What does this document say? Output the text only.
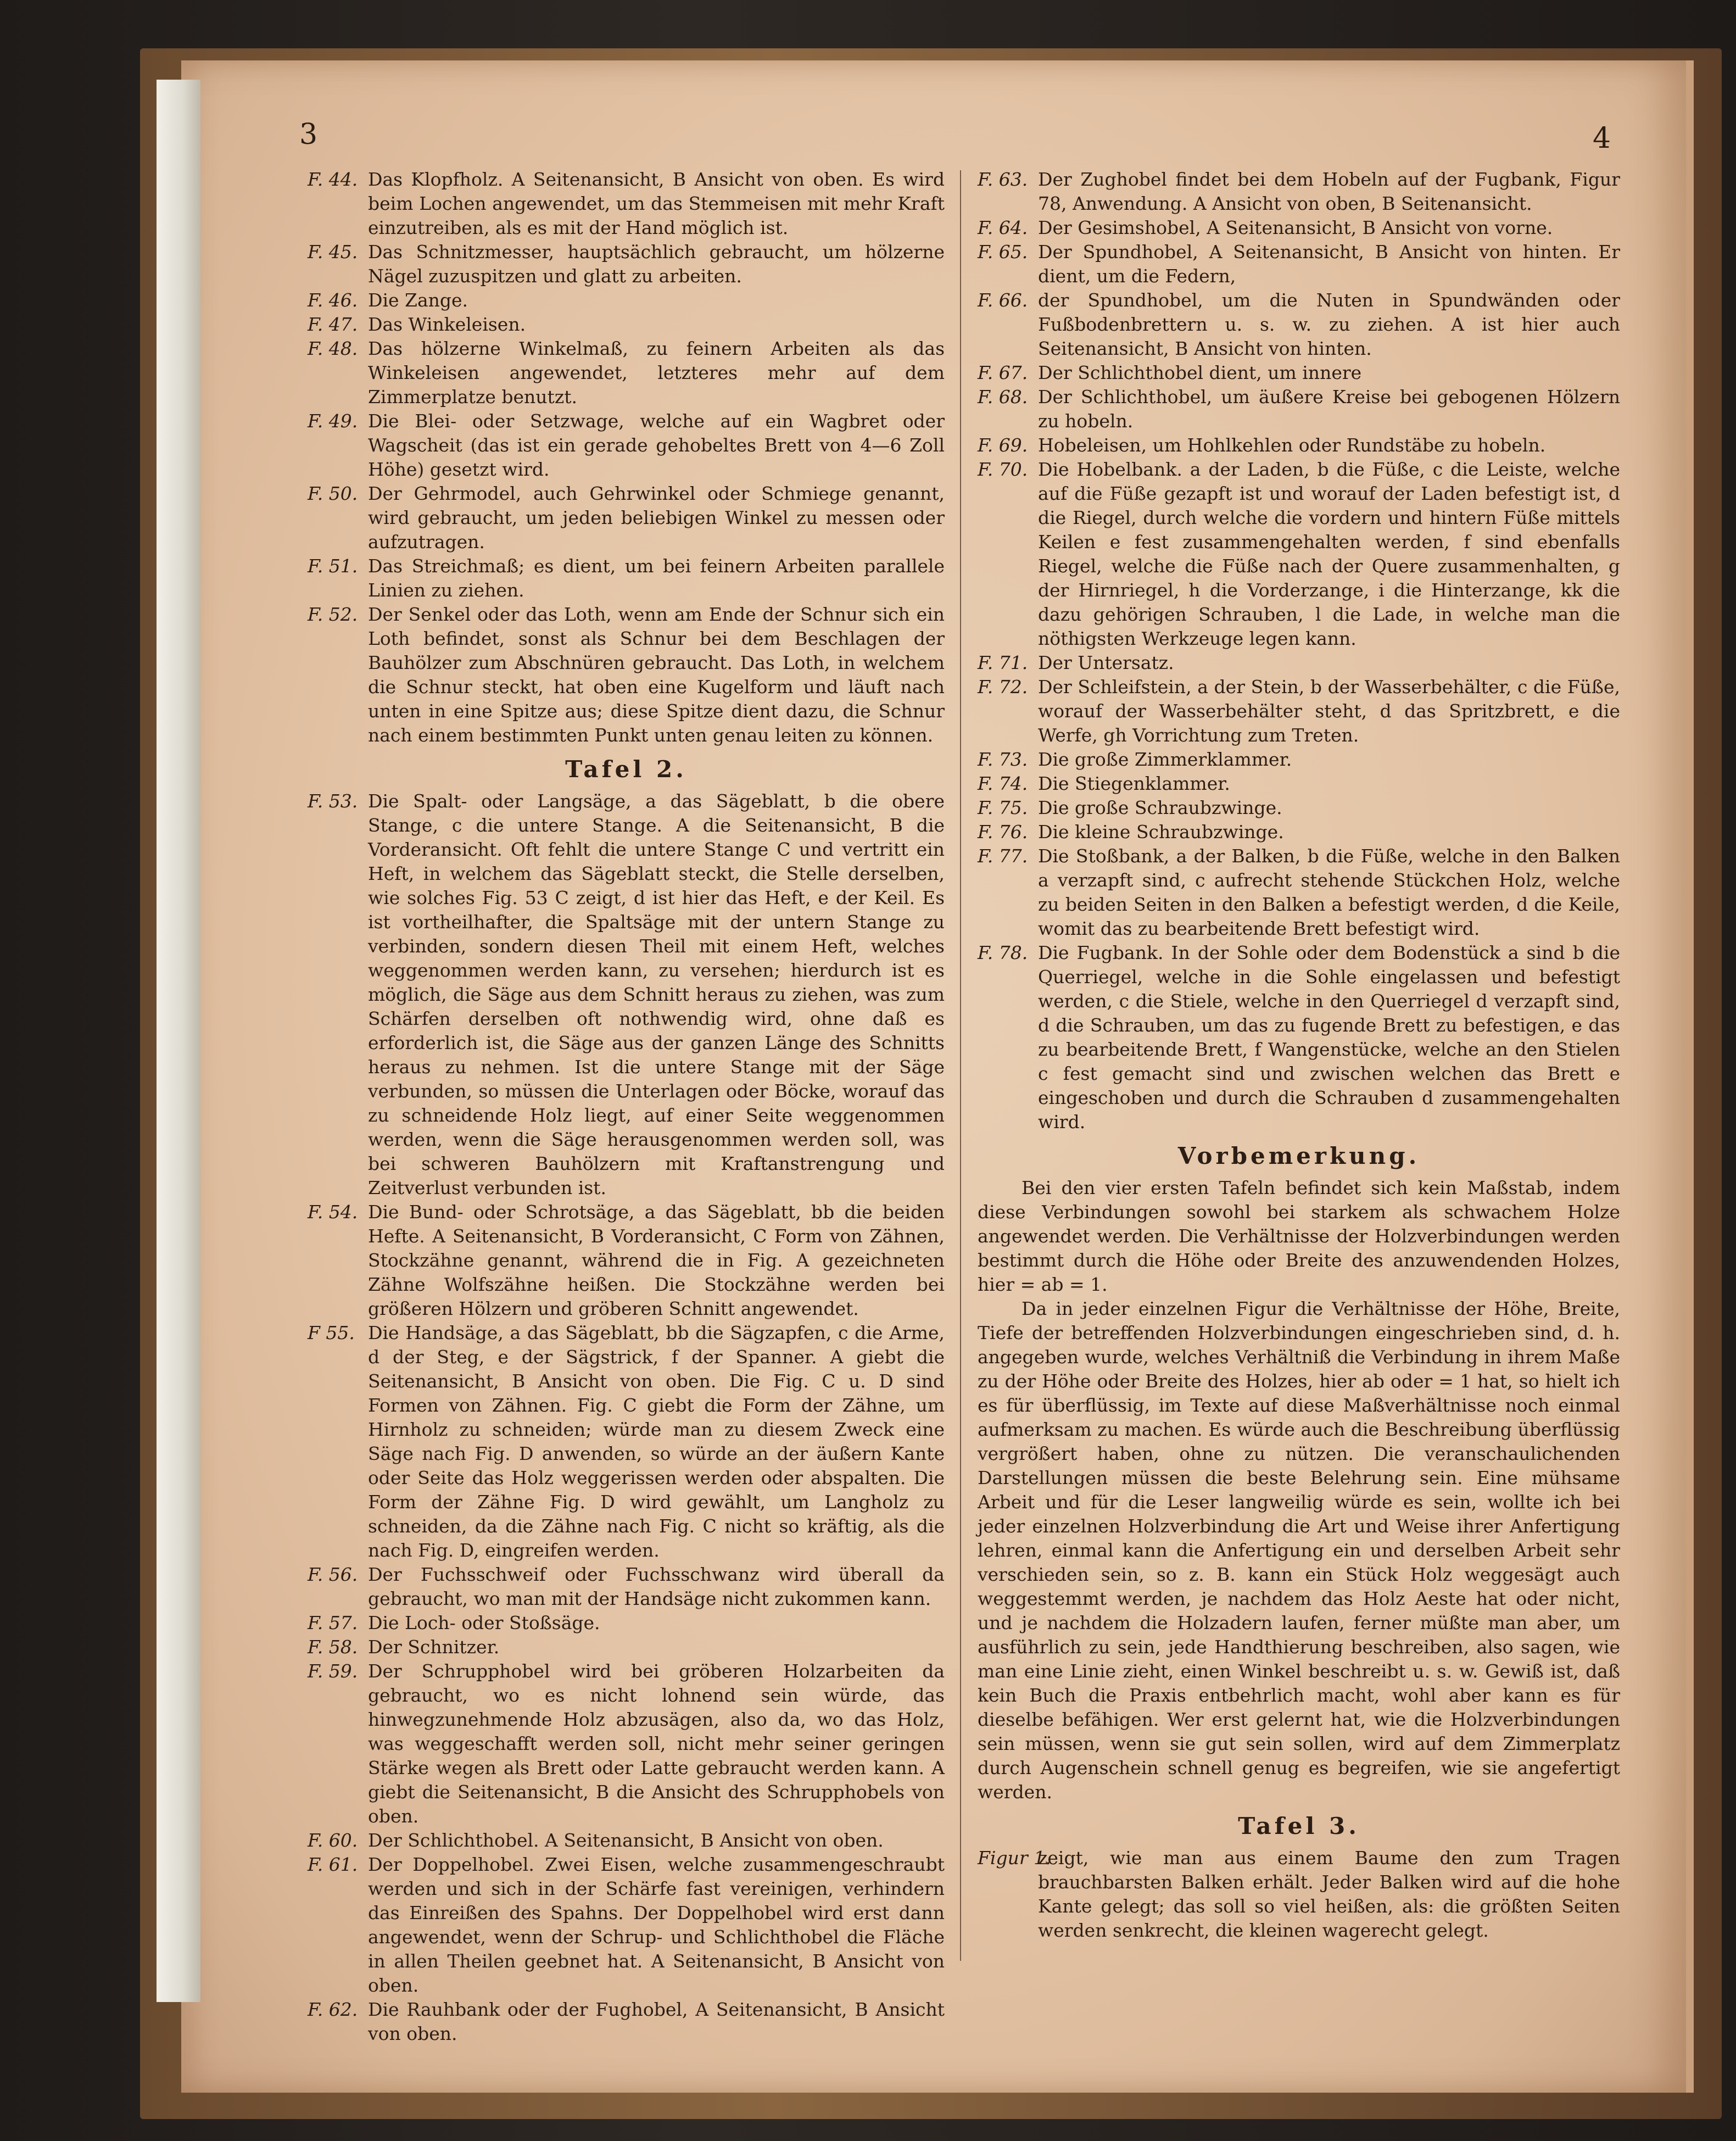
3	4

F. 44. Das Klopfholz. A Seitenansicht, B Ansicht von oben. Es wird beim Lochen angewendet, um das Stemmeisen mit mehr Kraft einzutreiben, als es mit der Hand möglich ist.

F. 45. Das Schnitzmesser, hauptsächlich gebraucht, um hölzerne Nägel zuzuspitzen und glatt zu arbeiten.

F. 46. Die Zange.

F. 47. Das Winkeleisen.

F. 48. Das hölzerne Winkelmaß, zu feinern Arbeiten als das Winkeleisen angewendet, letzteres mehr auf dem Zimmerplatze benutzt.

F. 49. Die Blei- oder Setzwage, welche auf ein Wagbret oder Wagscheit (das ist ein gerade gehobeltes Brett von 4—6 Zoll Höhe) gesetzt wird.

F. 50. Der Gehrmodel, auch Gehrwinkel oder Schmiege genannt, wird gebraucht, um jeden beliebigen Winkel zu messen oder aufzutragen.

F. 51. Das Streichmaß; es dient, um bei feinern Arbeiten parallele Linien zu ziehen.

F. 52. Der Senkel oder das Loth, wenn am Ende der Schnur sich ein Loth befindet, sonst als Schnur bei dem Beschlagen der Bauhölzer zum Abschnüren gebraucht. Das Loth, in welchem die Schnur steckt, hat oben eine Kugelform und läuft nach unten in eine Spitze aus; diese Spitze dient dazu, die Schnur nach einem bestimmten Punkt unten genau leiten zu können.

Tafel 2.

F. 53. Die Spalt- oder Langsäge, a das Sägeblatt, b die obere Stange, c die untere Stange. A die Seitenansicht, B die Vorderansicht. Oft fehlt die untere Stange C und vertritt ein Heft, in welchem das Sägeblatt steckt, die Stelle derselben, wie solches Fig. 53 C zeigt, d ist hier das Heft, e der Keil. Es ist vortheilhafter, die Spaltsäge mit der untern Stange zu verbinden, sondern diesen Theil mit einem Heft, welches weggenommen werden kann, zu versehen; hierdurch ist es möglich, die Säge aus dem Schnitt heraus zu ziehen, was zum Schärfen derselben oft nothwendig wird, ohne daß es erforderlich ist, die Säge aus der ganzen Länge des Schnitts heraus zu nehmen. Ist die untere Stange mit der Säge verbunden, so müssen die Unterlagen oder Böcke, worauf das zu schneidende Holz liegt, auf einer Seite weggenommen werden, wenn die Säge herausgenommen werden soll, was bei schweren Bauhölzern mit Kraftanstrengung und Zeitverlust verbunden ist.

F. 54. Die Bund- oder Schrotsäge, a das Sägeblatt, bb die beiden Hefte. A Seitenansicht, B Vorderansicht, C Form von Zähnen, Stockzähne genannt, während die in Fig. A gezeichneten Zähne Wolfszähne heißen. Die Stockzähne werden bei größeren Hölzern und gröberen Schnitt angewendet.

F 55. Die Handsäge, a das Sägeblatt, bb die Sägzapfen, c die Arme, d der Steg, e der Sägstrick, f der Spanner. A giebt die Seitenansicht, B Ansicht von oben. Die Fig. C u. D sind Formen von Zähnen. Fig. C giebt die Form der Zähne, um Hirnholz zu schneiden; würde man zu diesem Zweck eine Säge nach Fig. D anwenden, so würde an der äußern Kante oder Seite das Holz weggerissen werden oder abspalten. Die Form der Zähne Fig. D wird gewählt, um Langholz zu schneiden, da die Zähne nach Fig. C nicht so kräftig, als die nach Fig. D, eingreifen werden.

F. 56. Der Fuchsschweif oder Fuchsschwanz wird überall da gebraucht, wo man mit der Handsäge nicht zukommen kann.

F. 57. Die Loch- oder Stoßsäge.

F. 58. Der Schnitzer.

F. 59. Der Schrupphobel wird bei gröberen Holzarbeiten da gebraucht, wo es nicht lohnend sein würde, das hinwegzunehmende Holz abzusägen, also da, wo das Holz, was weggeschafft werden soll, nicht mehr seiner geringen Stärke wegen als Brett oder Latte gebraucht werden kann. A giebt die Seitenansicht, B die Ansicht des Schrupphobels von oben.

F. 60. Der Schlichthobel. A Seitenansicht, B Ansicht von oben.

F. 61. Der Doppelhobel. Zwei Eisen, welche zusammengeschraubt werden und sich in der Schärfe fast vereinigen, verhindern das Einreißen des Spahns. Der Doppelhobel wird erst dann angewendet, wenn der Schrup- und Schlichthobel die Fläche in allen Theilen geebnet hat. A Seitenansicht, B Ansicht von oben.

F. 62. Die Rauhbank oder der Fughobel, A Seitenansicht, B Ansicht von oben.

F. 63. Der Zughobel findet bei dem Hobeln auf der Fugbank, Figur 78, Anwendung. A Ansicht von oben, B Seitenansicht.

F. 64. Der Gesimshobel, A Seitenansicht, B Ansicht von vorne.

F. 65. Der Spundhobel, A Seitenansicht, B Ansicht von hinten. Er dient, um die Federn,

F. 66. der Spundhobel, um die Nuten in Spundwänden oder Fußbodenbrettern u. s. w. zu ziehen. A ist hier auch Seitenansicht, B Ansicht von hinten.

F. 67. Der Schlichthobel dient, um innere

F. 68. Der Schlichthobel, um äußere Kreise bei gebogenen Hölzern zu hobeln.

F. 69. Hobeleisen, um Hohlkehlen oder Rundstäbe zu hobeln.

F. 70. Die Hobelbank. a der Laden, b die Füße, c die Leiste, welche auf die Füße gezapft ist und worauf der Laden befestigt ist, d die Riegel, durch welche die vordern und hintern Füße mittels Keilen e fest zusammengehalten werden, f sind ebenfalls Riegel, welche die Füße nach der Quere zusammenhalten, g der Hirnriegel, h die Vorderzange, i die Hinterzange, kk die dazu gehörigen Schrauben, l die Lade, in welche man die nöthigsten Werkzeuge legen kann.

F. 71. Der Untersatz.

F. 72. Der Schleifstein, a der Stein, b der Wasserbehälter, c die Füße, worauf der Wasserbehälter steht, d das Spritzbrett, e die Werfe, gh Vorrichtung zum Treten.

F. 73. Die große Zimmerklammer.

F. 74. Die Stiegenklammer.

F. 75. Die große Schraubzwinge.

F. 76. Die kleine Schraubzwinge.

F. 77. Die Stoßbank, a der Balken, b die Füße, welche in den Balken a verzapft sind, c aufrecht stehende Stückchen Holz, welche zu beiden Seiten in den Balken a befestigt werden, d die Keile, womit das zu bearbeitende Brett befestigt wird.

F. 78. Die Fugbank. In der Sohle oder dem Bodenstück a sind b die Querriegel, welche in die Sohle eingelassen und befestigt werden, c die Stiele, welche in den Querriegel d verzapft sind, d die Schrauben, um das zu fugende Brett zu befestigen, e das zu bearbeitende Brett, f Wangenstücke, welche an den Stielen c fest gemacht sind und zwischen welchen das Brett e eingeschoben und durch die Schrauben d zusammengehalten wird.

Vorbemerkung.

Bei den vier ersten Tafeln befindet sich kein Maßstab, indem diese Verbindungen sowohl bei starkem als schwachem Holze angewendet werden. Die Verhältnisse der Holzverbindungen werden bestimmt durch die Höhe oder Breite des anzuwendenden Holzes, hier = ab = 1.

Da in jeder einzelnen Figur die Verhältnisse der Höhe, Breite, Tiefe der betreffenden Holzverbindungen eingeschrieben sind, d. h. angegeben wurde, welches Verhältniß die Verbindung in ihrem Maße zu der Höhe oder Breite des Holzes, hier ab oder = 1 hat, so hielt ich es für überflüssig, im Texte auf diese Maßverhältnisse noch einmal aufmerksam zu machen. Es würde auch die Beschreibung überflüssig vergrößert haben, ohne zu nützen. Die veranschaulichenden Darstellungen müssen die beste Belehrung sein. Eine mühsame Arbeit und für die Leser langweilig würde es sein, wollte ich bei jeder einzelnen Holzverbindung die Art und Weise ihrer Anfertigung lehren, einmal kann die Anfertigung ein und derselben Arbeit sehr verschieden sein, so z. B. kann ein Stück Holz weggesägt auch weggestemmt werden, je nachdem das Holz Aeste hat oder nicht, und je nachdem die Holzadern laufen, ferner müßte man aber, um ausführlich zu sein, jede Handthierung beschreiben, also sagen, wie man eine Linie zieht, einen Winkel beschreibt u. s. w. Gewiß ist, daß kein Buch die Praxis entbehrlich macht, wohl aber kann es für dieselbe befähigen. Wer erst gelernt hat, wie die Holzverbindungen sein müssen, wenn sie gut sein sollen, wird auf dem Zimmerplatz durch Augenschein schnell genug es begreifen, wie sie angefertigt werden.

Tafel 3.

Figur 1.
zeigt, wie man aus einem Baume den zum Tragen brauchbarsten Balken erhält. Jeder Balken wird auf die hohe Kante gelegt; das soll so viel heißen, als: die größten Seiten werden senkrecht, die kleinen wagerecht gelegt.
